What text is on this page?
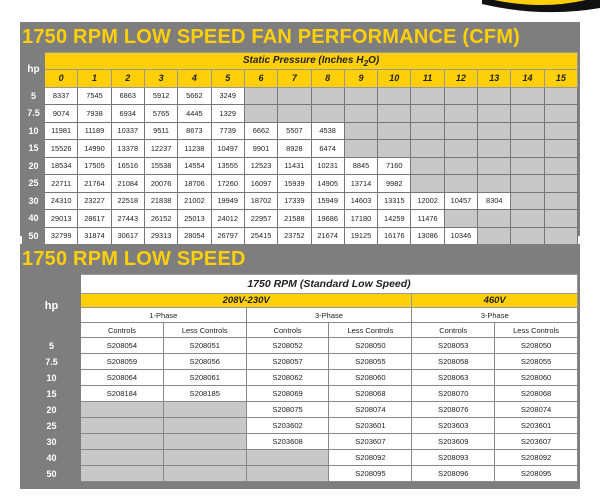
1750 RPM LOW SPEED FAN PERFORMANCE (CFM)
hp	Static Pressure (Inches $H_2O$)															
	0	1	2	3	4	5	6	7	8	9	10	11	12	13	14	15
5	8337	7545	6863	5912	5662	3249										
7.5	9074	7938	6934	5765	4445	1329										
10	11981	11189	10337	9511	8673	7739	6662	5507	4538							
15	15526	14990	13378	12237	11238	10497	9901	8928	6474							
20	18534	17505	16516	15538	14554	13555	12523	11431	10231	8845	7160					
25	22711	21764	21084	20076	18706	17260	16097	15939	14905	13714	9982					
30	24310	23227	22518	21838	21002	19949	18702	17339	15949	14603	13315	12002	10457	8304		
40	29013	28617	27443	26152	25013	24012	22957	21588	19686	17180	14259	11476				
50	32799	31874	30617	29313	28054	26797	25415	23752	21674	19125	16176	13086	10346			
1750 RPM LOW SPEED
hp	1750 RPM (Standard Low Speed)					
	208V-230V				460V	
	1-Phase		3-Phase		3-Phase	
	Controls	Less Controls	Controls	Less Controls	Controls	Less Controls
5	S208054	S208051	S208052	S208050	S208053	S208050
7.5	S208059	S208056	S208057	S208055	S208058	S208055
10	S208064	S208061	S208062	S208060	S208063	S208060
15	S208184	S208185	S208069	S208068	S208070	S208068
20			S208075	S208074	S208076	S208074
25			S203602	S203601	S203603	S203601
30			S203608	S203607	S203609	S203607
40				S208092	S208093	S208092
50				S208095	S208096	S208095
